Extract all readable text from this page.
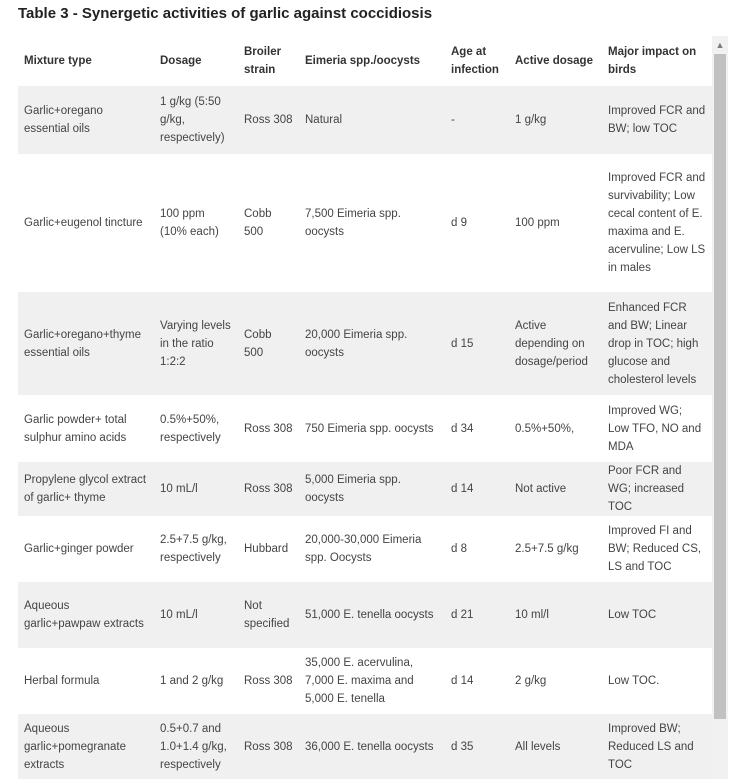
Table 3 - Synergetic activities of garlic against coccidiosis
Mixture type	Dosage	Broiler strain	Eimeria spp./oocysts	Age at infection	Active dosage	Major impact on birds
Garlic+oregano essential oils	1 g/kg (5:50 g/kg, respectively)	Ross 308	Natural	-	1 g/kg	Improved FCR and BW; low TOC
Garlic+eugenol tincture	100 ppm (10% each)	Cobb 500	7,500 Eimeria spp. oocysts	d 9	100 ppm	Improved FCR and survivability; Low cecal content of E. maxima and E. acervuline; Low LS in males
Garlic+oregano+thyme essential oils	Varying levels in the ratio 1:2:2	Cobb 500	20,000 Eimeria spp. oocysts	d 15	Active depending on dosage/period	Enhanced FCR and BW; Linear drop in TOC; high glucose and cholesterol levels
Garlic powder+ total sulphur amino acids	0.5%+50%, respectively	Ross 308	750 Eimeria spp. oocysts	d 34	0.5%+50%,	Improved WG; Low TFO, NO and MDA
Propylene glycol extract of garlic+ thyme	10 mL/l	Ross 308	5,000 Eimeria spp. oocysts	d 14	Not active	Poor FCR and WG; increased TOC
Garlic+ginger powder	2.5+7.5 g/kg, respectively	Hubbard	20,000-30,000 Eimeria spp. Oocysts	d 8	2.5+7.5 g/kg	Improved FI and BW; Reduced CS, LS and TOC
Aqueous garlic+pawpaw extracts	10 mL/l	Not specified	51,000 E. tenella oocysts	d 21	10 ml/l	Low TOC
Herbal formula	1 and 2 g/kg	Ross 308	35,000 E. acervulina, 7,000 E. maxima and 5,000 E. tenella	d 14	2 g/kg	Low TOC.
Aqueous garlic+pomegranate extracts	0.5+0.7 and 1.0+1.4 g/kg, respectively	Ross 308	36,000 E. tenella oocysts	d 35	All levels	Improved BW; Reduced LS and TOC
▲
